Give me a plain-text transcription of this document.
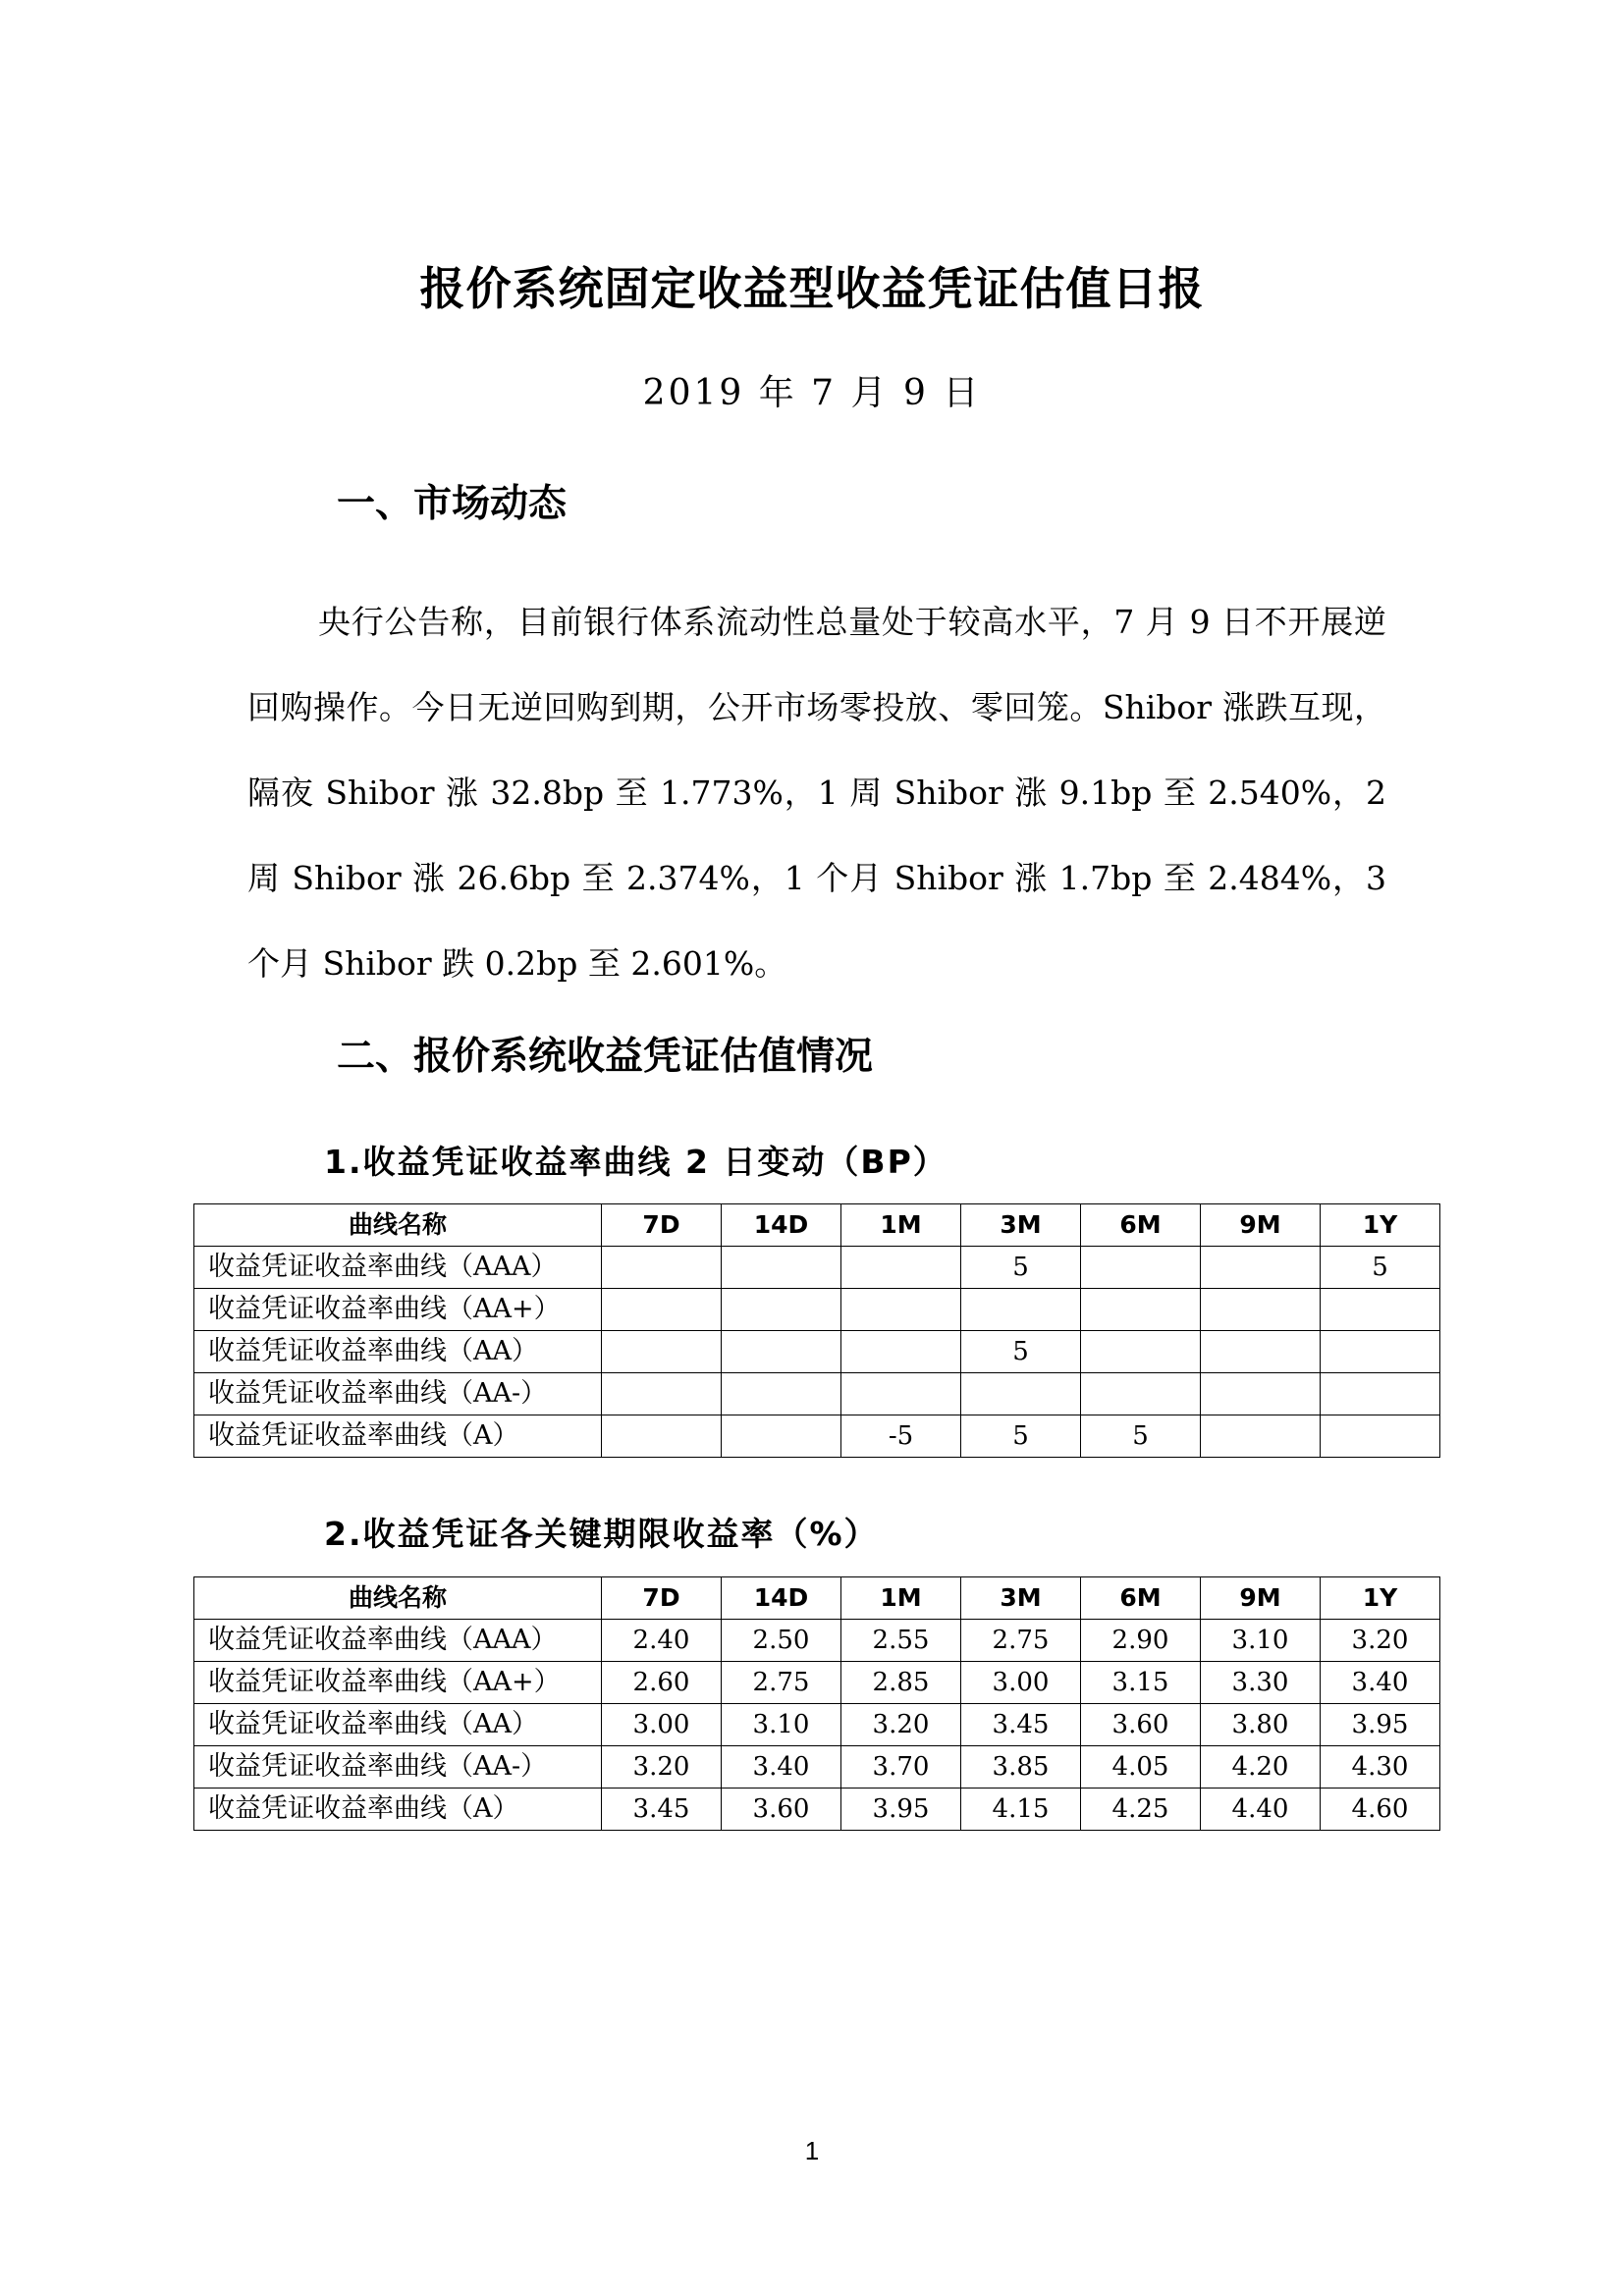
报价系统固定收益型收益凭证估值日报
2019 年 7 月 9 日
一、市场动态

央行公告称，目前银行体系流动性总量处于较高水平，7 月 9 日不开展逆回购操作。今日无逆回购到期，公开市场零投放、零回笼。Shibor 涨跌互现，隔夜 Shibor 涨 32.8bp 至 1.773%，1 周 Shibor 涨 9.1bp 至 2.540%，2 周 Shibor 涨 26.6bp 至 2.374%，1 个月 Shibor 涨 1.7bp 至 2.484%，3 个月 Shibor 跌 0.2bp 至 2.601%。

二、报价系统收益凭证估值情况
1.收益凭证收益率曲线 2 日变动（BP）
曲线名称	7D	14D	1M	3M	6M	9M	1Y
收益凭证收益率曲线（AAA）				5			5
收益凭证收益率曲线（AA+）							
收益凭证收益率曲线（AA）				5			
收益凭证收益率曲线（AA-）							
收益凭证收益率曲线（A）			-5	5	5		
2.收益凭证各关键期限收益率（%）
曲线名称	7D	14D	1M	3M	6M	9M	1Y
收益凭证收益率曲线（AAA）	2.40	2.50	2.55	2.75	2.90	3.10	3.20
收益凭证收益率曲线（AA+）	2.60	2.75	2.85	3.00	3.15	3.30	3.40
收益凭证收益率曲线（AA）	3.00	3.10	3.20	3.45	3.60	3.80	3.95
收益凭证收益率曲线（AA-）	3.20	3.40	3.70	3.85	4.05	4.20	4.30
收益凭证收益率曲线（A）	3.45	3.60	3.95	4.15	4.25	4.40	4.60
1
